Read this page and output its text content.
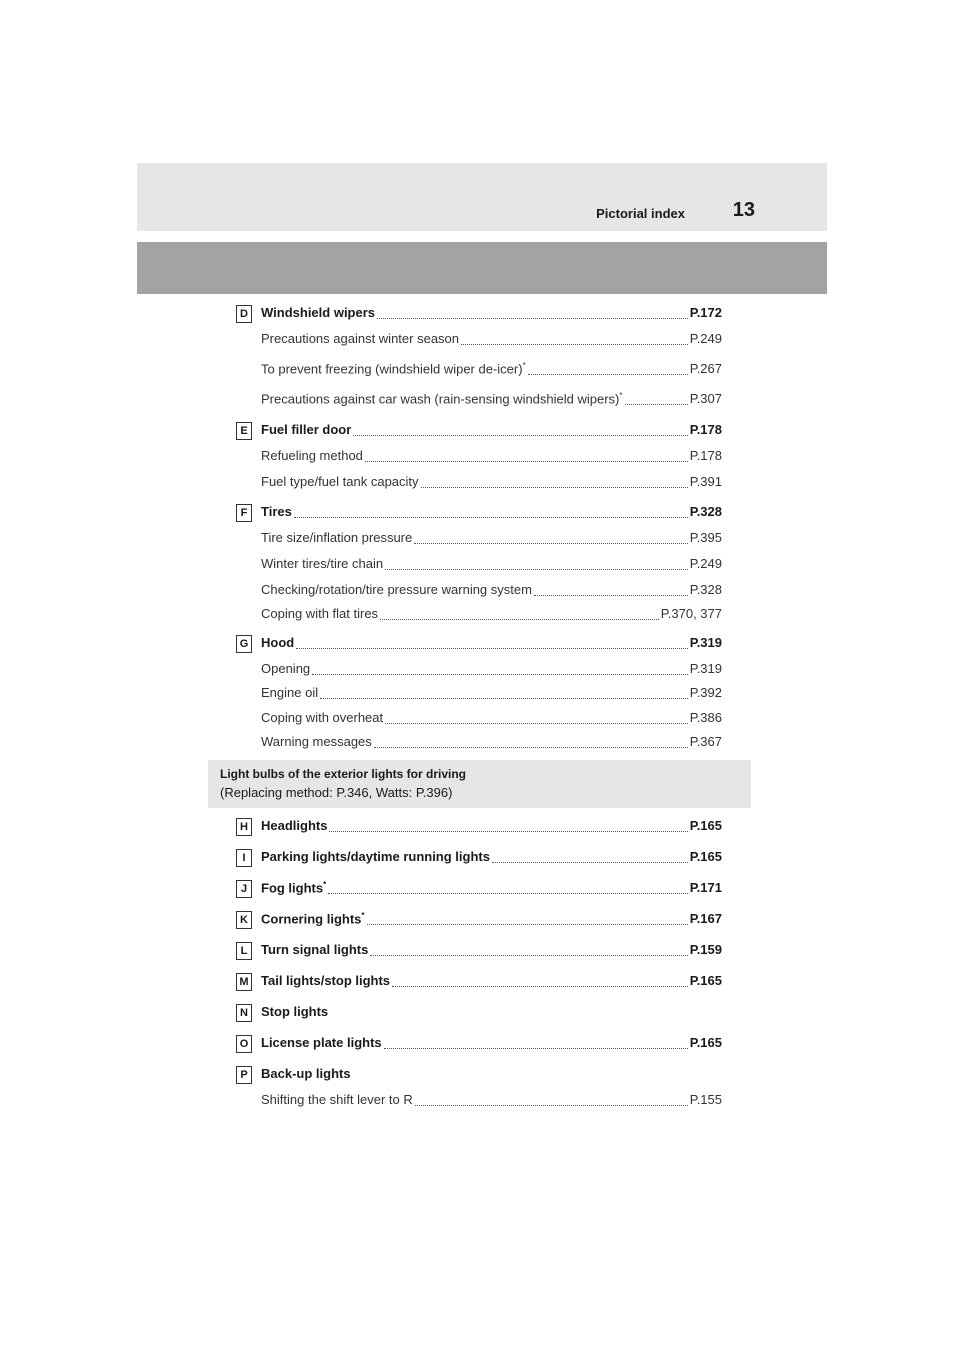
Pictorial index 13
Light bulbs of the exterior lights for driving
(Replacing method: P.346, Watts: P.396)
D	Windshield wipers	P.172
Precautions against winter season	P.249
To prevent freezing (windshield wiper de-icer)*	P.267
Precautions against car wash (rain-sensing windshield wipers)*	P.307
E	Fuel filler door	P.178
Refueling method	P.178
Fuel type/fuel tank capacity	P.391
F	Tires	P.328
Tire size/inflation pressure	P.395
Winter tires/tire chain	P.249
Checking/rotation/tire pressure warning system	P.328
Coping with flat tires	P.370, 377
G Hood	P.319
Opening	P.319
Engine oil	P.392
Coping with overheat	P.386
Warning messages	P.367
H	Headlights	P.165
I	Parking lights/daytime running lights	P.165
J	Fog lights*	P.171
K	Cornering lights*	P.167
L	Turn signal lights	P.159
M Tail lights/stop lights	P.165
N	Stop lights
O License plate lights	P.165
P	Back-up lights
Shifting the shift lever to R	P.155
